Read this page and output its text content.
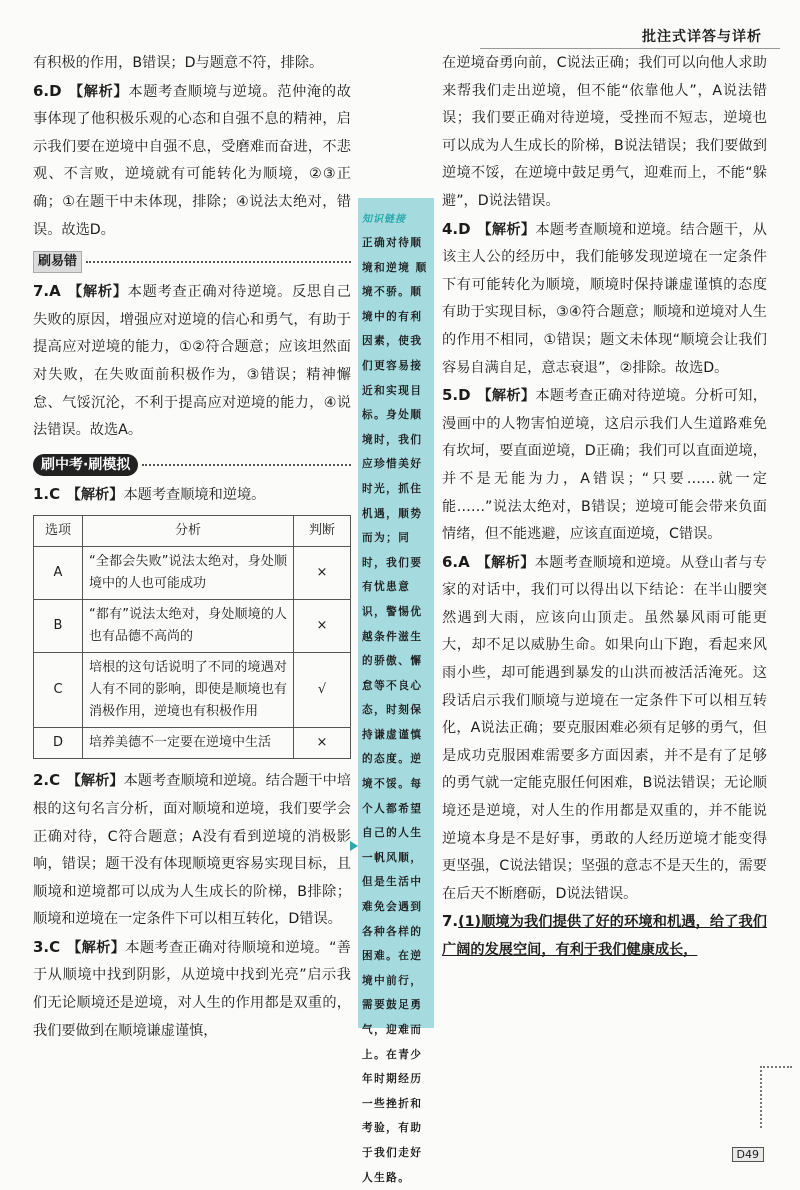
批注式详答与详析

有积极的作用，B错误；D与题意不符，排除。

6.D 【解析】本题考查顺境与逆境。范仲淹的故事体现了他积极乐观的心态和自强不息的精神，启示我们要在逆境中自强不息，受磨难而奋进，不悲观、不言败，逆境就有可能转化为顺境，②③正确；①在题干中未体现，排除；④说法太绝对，错误。故选D。

刷易错

7.A 【解析】本题考查正确对待逆境。反思自己失败的原因，增强应对逆境的信心和勇气，有助于提高应对逆境的能力，①②符合题意；应该坦然面对失败，在失败面前积极作为，③错误；精神懈怠、气馁沉沦，不利于提高应对逆境的能力，④说法错误。故选A。

刷中考·刷模拟

1.C 【解析】本题考查顺境和逆境。

选项	分析	判断
A	“全都会失败”说法太绝对，身处顺境中的人也可能成功	×
B	“都有”说法太绝对，身处顺境的人也有品德不高尚的	×
C	培根的这句话说明了不同的境遇对人有不同的影响，即使是顺境也有消极作用，逆境也有积极作用	√
D	培养美德不一定要在逆境中生活	×

2.C 【解析】本题考查顺境和逆境。结合题干中培根的这句名言分析，面对顺境和逆境，我们要学会正确对待，C符合题意；A没有看到逆境的消极影响，错误；题干没有体现顺境更容易实现目标，且顺境和逆境都可以成为人生成长的阶梯，B排除；顺境和逆境在一定条件下可以相互转化，D错误。

3.C 【解析】本题考查正确对待顺境和逆境。“善于从顺境中找到阴影，从逆境中找到光亮”启示我们无论顺境还是逆境，对人生的作用都是双重的，我们要做到在顺境谦虚谨慎，

知识链接
正确对待顺境和逆境 顺境不骄。顺境中的有利因素，使我们更容易接近和实现目标。身处顺境时，我们应珍惜美好时光，抓住机遇，顺势而为；同时，我们要有忧患意识，警惕优越条件滋生的骄傲、懈怠等不良心态，时刻保持谦虚谨慎的态度。逆境不馁。每个人都希望自己的人生一帆风顺，但是生活中难免会遇到各种各样的困难。在逆境中前行，需要鼓足勇气，迎难而上。在青少年时期经历一些挫折和考验，有助于我们走好人生路。

在逆境奋勇向前，C说法正确；我们可以向他人求助来帮我们走出逆境，但不能“依靠他人”，A说法错误；我们要正确对待逆境，受挫而不短志，逆境也可以成为人生成长的阶梯，B说法错误；我们要做到逆境不馁，在逆境中鼓足勇气，迎难而上，不能“躲避”，D说法错误。

4.D 【解析】本题考查顺境和逆境。结合题干，从该主人公的经历中，我们能够发现逆境在一定条件下有可能转化为顺境，顺境时保持谦虚谨慎的态度有助于实现目标，③④符合题意；顺境和逆境对人生的作用不相同，①错误；题文未体现“顺境会让我们容易自满自足，意志衰退”，②排除。故选D。

5.D 【解析】本题考查正确对待逆境。分析可知，漫画中的人物害怕逆境，这启示我们人生道路难免有坎坷，要直面逆境，D正确；我们可以直面逆境，并不是无能为力，A错误；“只要……就一定能……”说法太绝对，B错误；逆境可能会带来负面情绪，但不能逃避，应该直面逆境，C错误。

6.A 【解析】本题考查顺境和逆境。从登山者与专家的对话中，我们可以得出以下结论：在半山腰突然遇到大雨，应该向山顶走。虽然暴风雨可能更大，却不足以威胁生命。如果向山下跑，看起来风雨小些，却可能遇到暴发的山洪而被活活淹死。这段话启示我们顺境与逆境在一定条件下可以相互转化，A说法正确；要克服困难必须有足够的勇气，但是成功克服困难需要多方面因素，并不是有了足够的勇气就一定能克服任何困难，B说法错误；无论顺境还是逆境，对人生的作用都是双重的，并不能说逆境本身是不是好事，勇敢的人经历逆境才能变得更坚强，C说法错误；坚强的意志不是天生的，需要在后天不断磨砺，D说法错误。

7.(1)顺境为我们提供了好的环境和机遇，给了我们广阔的发展空间，有利于我们健康成长，

D49
